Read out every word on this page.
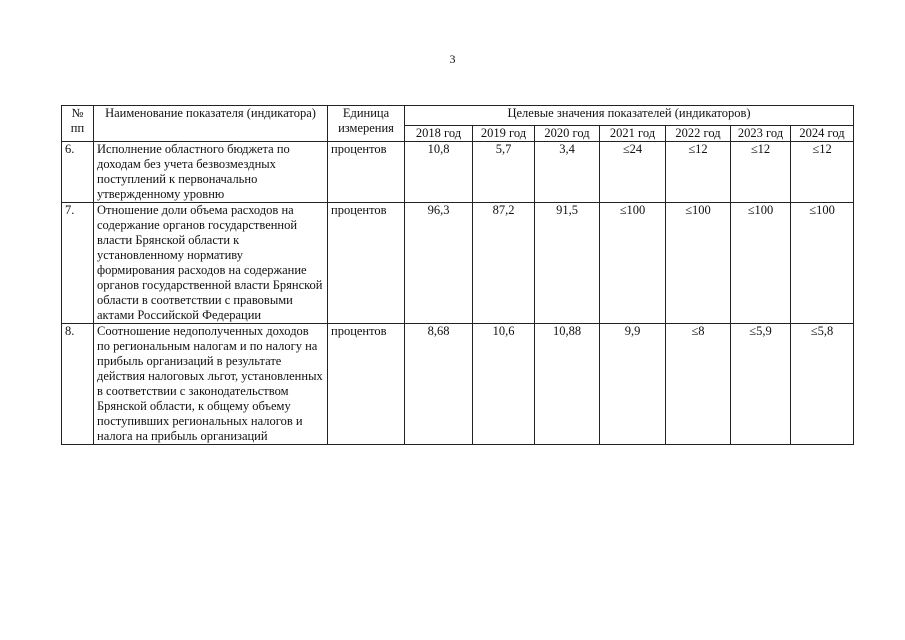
3
№ пп	Наименование показателя (индикатора)	Единица измерения	Целевые значения показателей (индикаторов)						
			2018 год	2019 год	2020 год	2021 год	2022 год	2023 год	2024 год
6.	Исполнение областного бюджета по доходам без учета безвозмездных поступлений к первоначально утвержденному уровню	процентов	10,8	5,7	3,4	≤24	≤12	≤12	≤12
7.	Отношение доли объема расходов на содержание органов государственной власти Брянской области к установленному нормативу формирования расходов на содержание органов государственной власти Брянской области в соответствии с правовыми актами Российской Федерации	процентов	96,3	87,2	91,5	≤100	≤100	≤100	≤100
8.	Соотношение недополученных доходов по региональным налогам и по налогу на прибыль организаций в результате действия налоговых льгот, установленных в соответствии с законодательством Брянской области, к общему объему поступивших региональных налогов и налога на прибыль организаций	процентов	8,68	10,6	10,88	9,9	≤8	≤5,9	≤5,8
